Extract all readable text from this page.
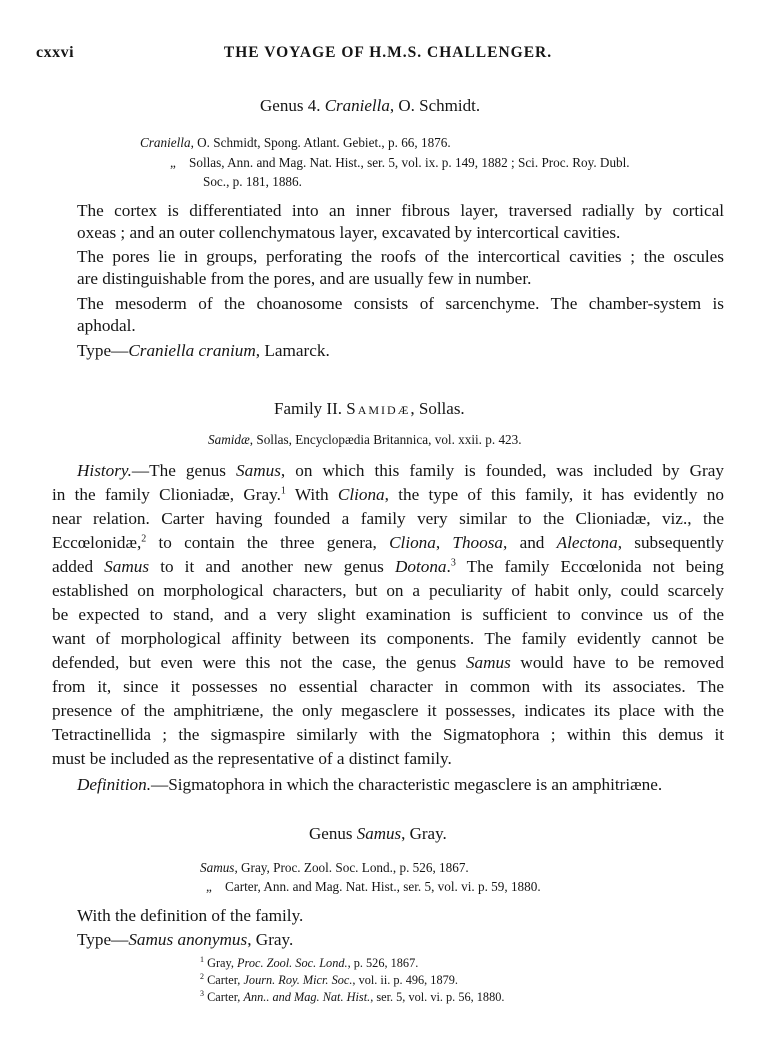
cxxvi	THE VOYAGE OF H.M.S. CHALLENGER.
Genus 4. Craniella, O. Schmidt.
Craniella, O. Schmidt, Spong. Atlant. Gebiet., p. 66, 1876.
„ Sollas, Ann. and Mag. Nat. Hist., ser. 5, vol. ix. p. 149, 1882 ; Sci. Proc. Roy. Dubl.
Soc., p. 181, 1886.
The cortex is differentiated into an inner fibrous layer, traversed radially by cortical
oxeas ; and an outer collenchymatous layer, excavated by intercortical cavities.
The pores lie in groups, perforating the roofs of the intercortical cavities ; the oscules
are distinguishable from the pores, and are usually few in number.
The mesoderm of the choanosome consists of sarcenchyme. The chamber-system is
aphodal.
Type—Craniella cranium, Lamarck.
Family II. Samidæ, Sollas.
Samidæ, Sollas, Encyclopædia Britannica, vol. xxii. p. 423.
History.—The genus Samus, on which this family is founded, was included by Gray
in the family Clioniadæ, Gray.$^1$ With Cliona, the type of this family, it has evidently no
near relation. Carter having founded a family very similar to the Clioniadæ, viz., the
Eccœlonidæ,$^2$ to contain the three genera, Cliona, Thoosa, and Alectona, subsequently
added Samus to it and another new genus Dotona.$^3$ The family Eccœlonida not being
established on morphological characters, but on a peculiarity of habit only, could scarcely
be expected to stand, and a very slight examination is sufficient to convince us of the
want of morphological affinity between its components. The family evidently cannot be
defended, but even were this not the case, the genus Samus would have to be removed
from it, since it possesses no essential character in common with its associates. The
presence of the amphitriæne, the only megasclere it possesses, indicates its place with the
Tetractinellida ; the sigmaspire similarly with the Sigmatophora ; within this demus it
must be included as the representative of a distinct family.
Definition.—Sigmatophora in which the characteristic megasclere is an amphitriæne.
Genus Samus, Gray.
Samus, Gray, Proc. Zool. Soc. Lond., p. 526, 1867.
„ Carter, Ann. and Mag. Nat. Hist., ser. 5, vol. vi. p. 59, 1880.
With the definition of the family.
Type—Samus anonymus, Gray.
$^1$ Gray, Proc. Zool. Soc. Lond., p. 526, 1867.
$^2$ Carter, Journ. Roy. Micr. Soc., vol. ii. p. 496, 1879.
$^3$ Carter, Ann.. and Mag. Nat. Hist., ser. 5, vol. vi. p. 56, 1880.
